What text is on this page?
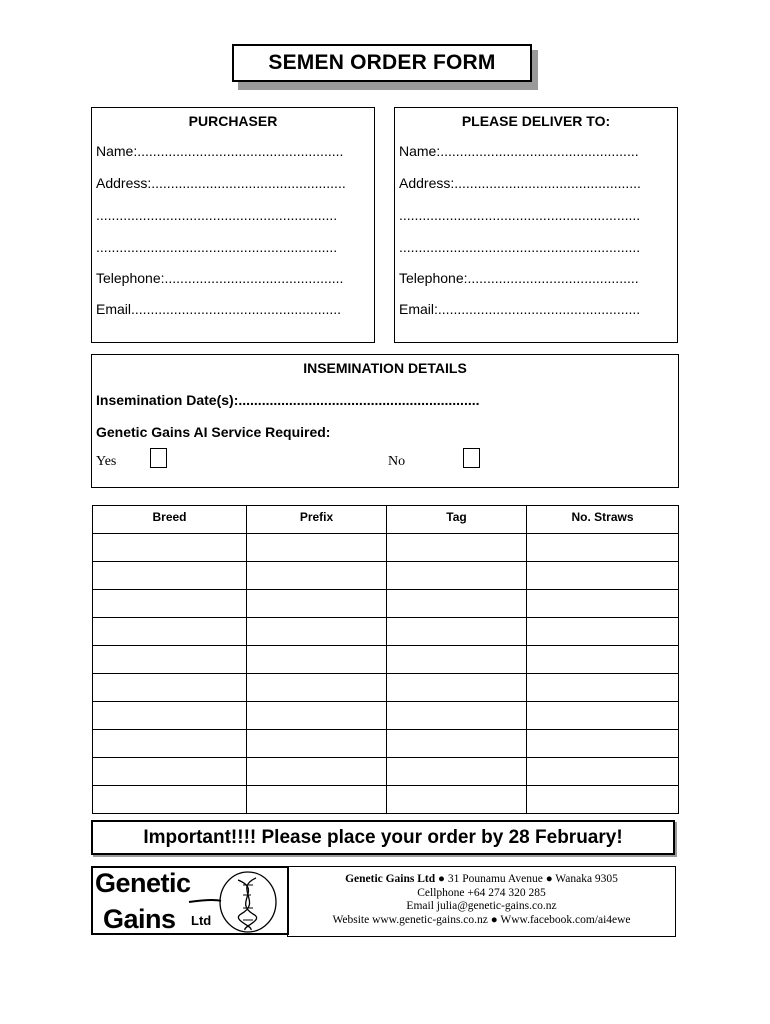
SEMEN ORDER FORM
PURCHASER
Name:.....................................................
Address:..................................................
..............................................................
..............................................................
Telephone:..............................................
Email......................................................
PLEASE DELIVER TO:
Name:...................................................
Address:................................................
..............................................................
..............................................................
Telephone:............................................
Email:....................................................
INSEMINATION DETAILS
Insemination Date(s):..............................................................
Genetic Gains AI Service Required:
Yes	No
Breed	Prefix	Tag	No. Straws

Important!!!! Please place your order by 28 February!
Genetic
Gains Ltd
Genetic Gains Ltd ● 31 Pounamu Avenue ● Wanaka 9305
Cellphone +64 274 320 285
Email julia@genetic-gains.co.nz
Website www.genetic-gains.co.nz ● Www.facebook.com/ai4ewe
